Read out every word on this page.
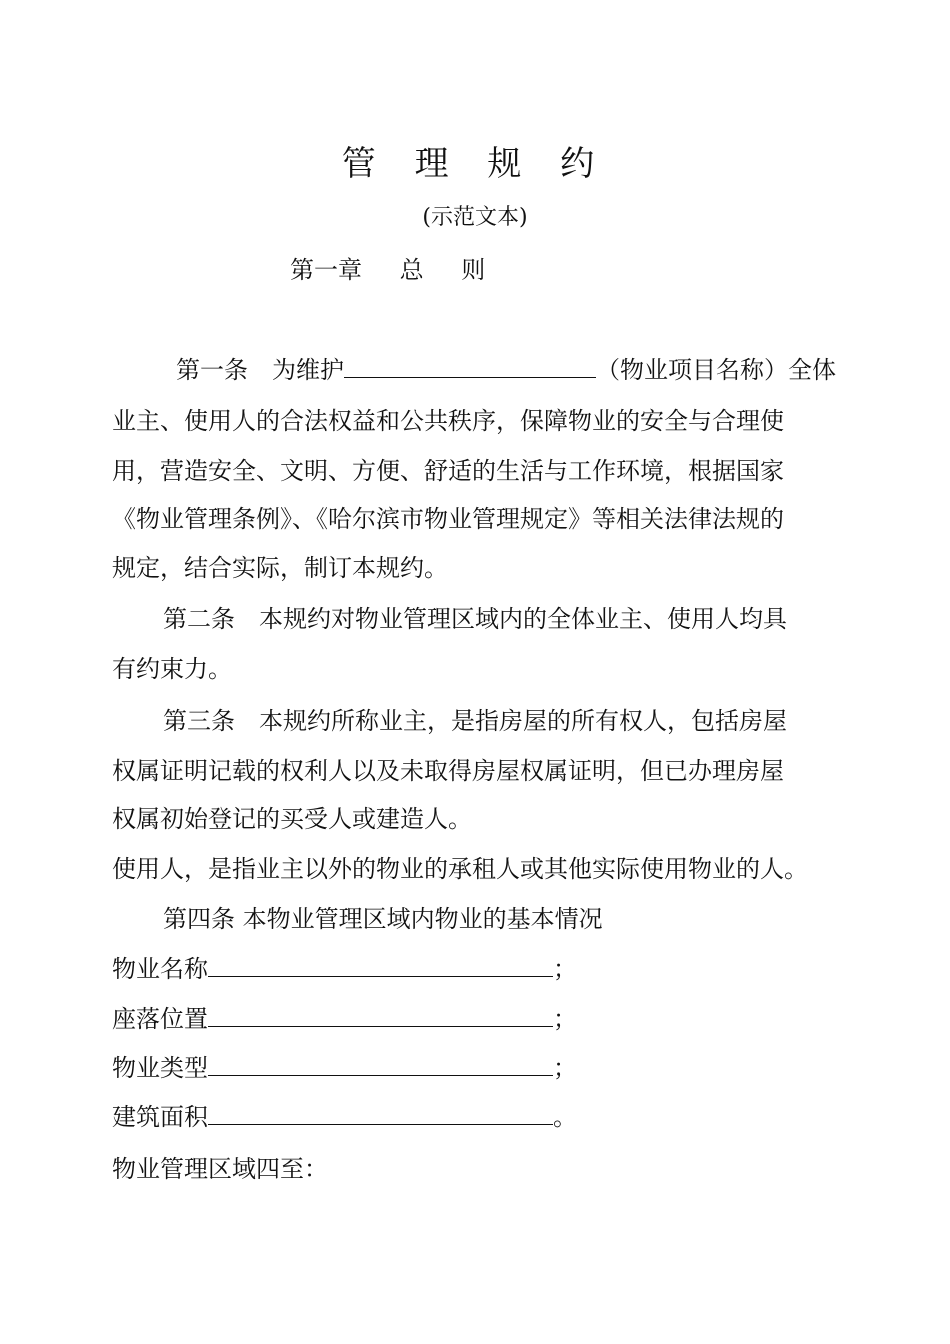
管 理 规 约
(示范文本)
第一章　 总　 则
第一条　为维护	（物业项目名称）全体
业主、使用人的合法权益和公共秩序，保障物业的安全与合理使
用，营造安全、文明、方便、舒适的生活与工作环境，根据国家
《物业管理条例》、《哈尔滨市物业管理规定》等相关法律法规的
规定，结合实际，制订本规约。
第二条　本规约对物业管理区域内的全体业主、使用人均具
有约束力。
第三条　本规约所称业主，是指房屋的所有权人，包括房屋
权属证明记载的权利人以及未取得房屋权属证明，但已办理房屋
权属初始登记的买受人或建造人。
使用人，是指业主以外的物业的承租人或其他实际使用物业的人。
第四条 本物业管理区域内物业的基本情况
物业名称	；
座落位置	；
物业类型	；
建筑面积	。
物业管理区域四至：
